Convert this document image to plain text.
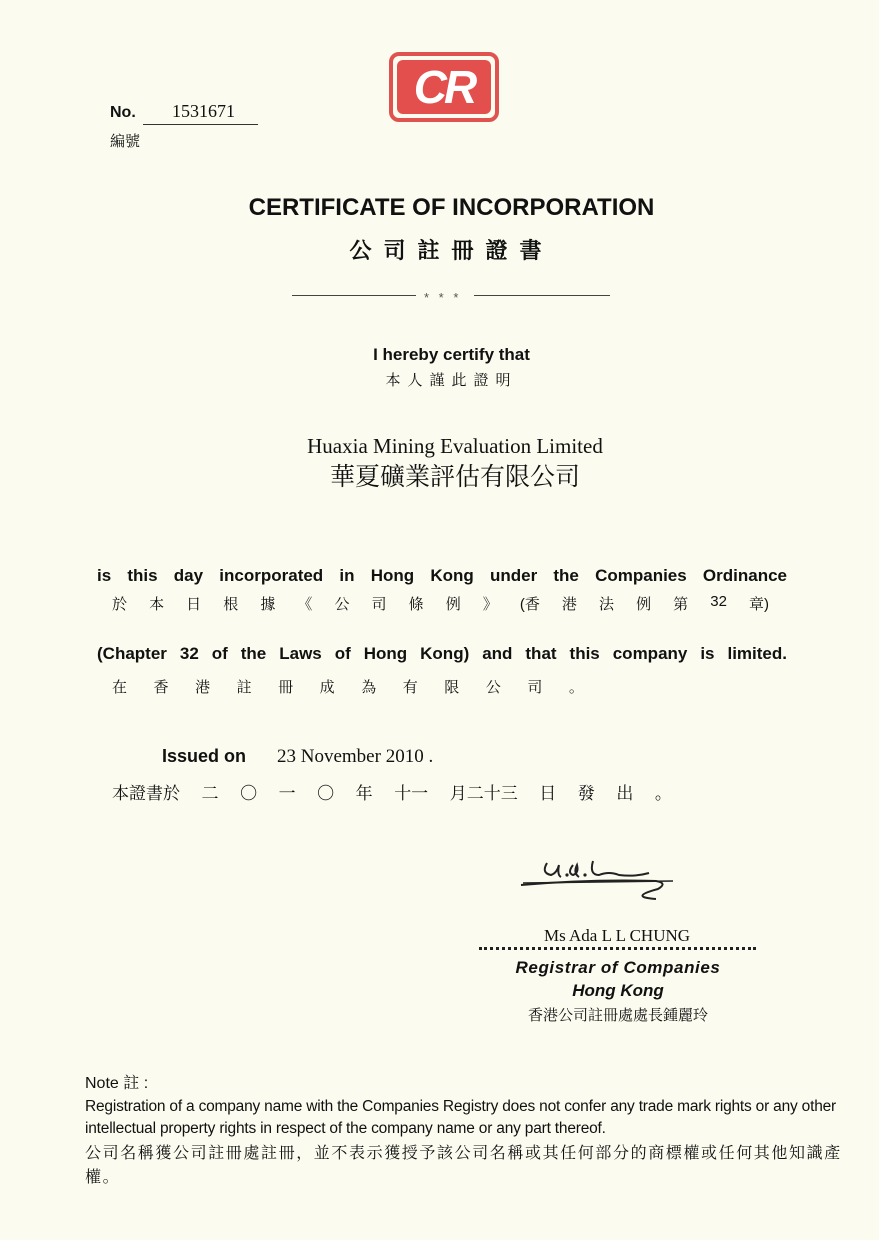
CR
No. 1531671
編號
CERTIFICATE OF INCORPORATION
公司註冊證書
* * *
I hereby certify that
本人謹此證明
Huaxia Mining Evaluation Limited
華夏礦業評估有限公司
is this day incorporated in Hong Kong under the Companies Ordinance
於 本 日 根 據 《 公 司 條 例 》 (香 港 法 例 第 32 章)
(Chapter 32 of the Laws of Hong Kong) and that this company is limited.
在 香 港 註 冊 成 為 有 限 公 司 。
Issued on 23 November 2010 .
本證書於 二 〇 一 〇 年 十一 月二十三 日 發 出 。
Ms Ada L L CHUNG
Registrar of Companies
Hong Kong
香港公司註冊處處長鍾麗玲
Note 註 :
Registration of a company name with the Companies Registry does not confer any trade mark rights or any other intellectual property rights in respect of the company name or any part thereof.
公司名稱獲公司註冊處註冊，並不表示獲授予該公司名稱或其任何部分的商標權或任何其他知識產權。
